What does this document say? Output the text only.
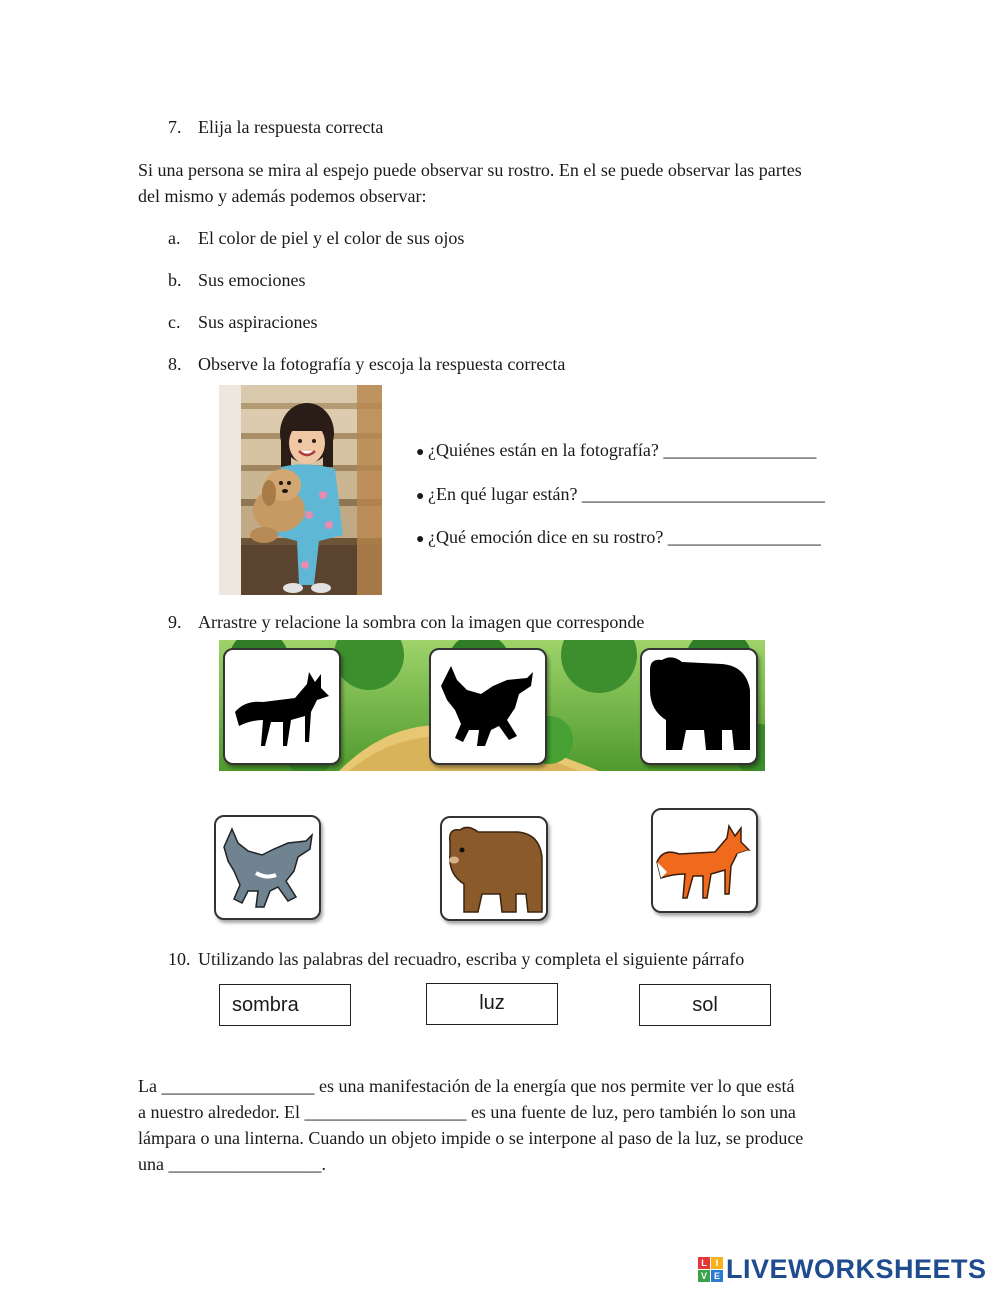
7. Elija la respuesta correcta
Si una persona se mira al espejo puede observar su rostro. En el se puede observar las partes
del mismo y además podemos observar:
a. El color de piel y el color de sus ojos
b. Sus emociones
c. Sus aspiraciones
8. Observe la fotografía y escoja la respuesta correcta
● ¿Quiénes están en la fotografía? _________________
● ¿En qué lugar están? ___________________________
● ¿Qué emoción dice en su rostro? _________________
9. Arrastre y relacione la sombra con la imagen que corresponde
10. Utilizando las palabras del recuadro, escriba y completa el siguiente párrafo
sombra	luz	sol
La _________________ es una manifestación de la energía que nos permite ver lo que está
a nuestro alrededor. El __________________ es una fuente de luz, pero también lo son una
lámpara o una linterna. Cuando un objeto impide o se interpone al paso de la luz, se produce
una _________________.
L I
V E LIVEWORKSHEETS
